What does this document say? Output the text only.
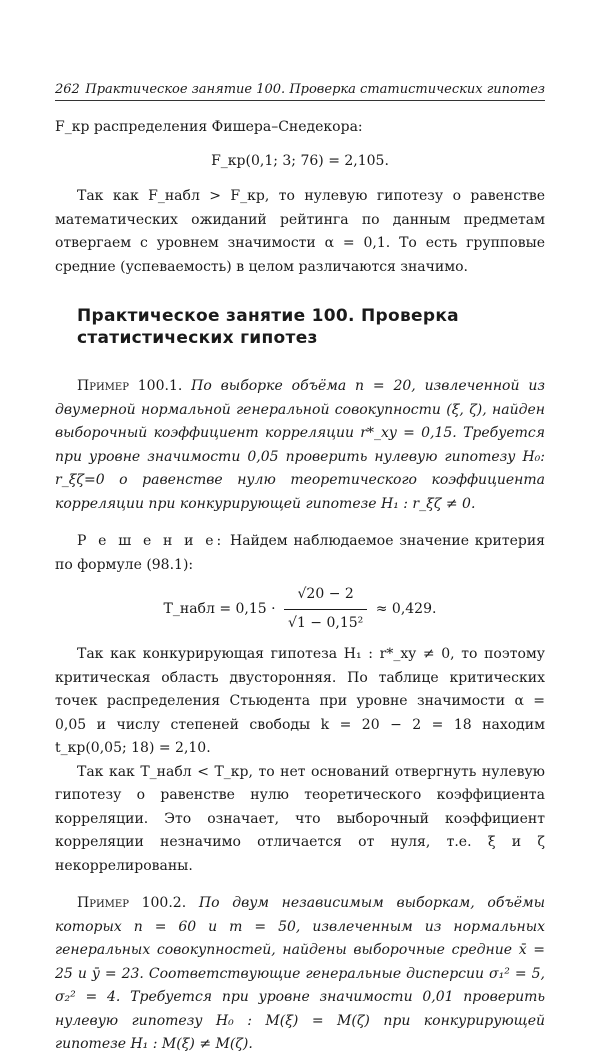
262 Практическое занятие 100. Проверка статистических гипотез

F_кр распределения Фишера–Снедекора:

F_кр(0,1; 3; 76) = 2,105.

Так как F_набл > F_кр, то нулевую гипотезу о равенстве математических ожиданий рейтинга по данным предметам отвергаем с уровнем значимости α = 0,1. То есть групповые средние (успеваемость) в целом различаются значимо.

Практическое занятие 100. Проверка
статистических гипотез

Пример 100.1. По выборке объёма n = 20, извлеченной из двумерной нормальной генеральной совокупности (ξ, ζ), найден выборочный коэффициент корреляции r*_xy = 0,15. Требуется при уровне значимости 0,05 проверить нулевую гипотезу H₀: r_ξζ=0 о равенстве нулю теоретического коэффициента корреляции при конкурирующей гипотезе H₁ : r_ξζ ≠ 0.

Р е ш е н и е: Найдем наблюдаемое значение критерия по формуле (98.1):

T_набл = $0,15 \cdot \frac{√20 - 2}{\text{√1 − 0,15²}} \approx 0,429$.

Так как конкурирующая гипотеза H₁ : r*_xy ≠ 0, то поэтому критическая область двусторонняя. По таблице критических точек распределения Стьюдента при уровне значимости α = 0,05 и числу степеней свободы k = 20 − 2 = 18 находим t_кр(0,05; 18) = 2,10.

Так как T_набл < T_кр, то нет оснований отвергнуть нулевую гипотезу о равенстве нулю теоретического коэффициента корреляции. Это означает, что выборочный коэффициент корреляции незначимо отличается от нуля, т.е. ξ и ζ некоррелированы.

Пример 100.2. По двум независимым выборкам, объёмы которых n = 60 и m = 50, извлеченным из нормальных генеральных совокупностей, найдены выборочные средние x̄ = 25 и ȳ = 23. Соответствующие генеральные дисперсии σ₁² = 5, σ₂² = 4. Требуется при уровне значимости 0,01 проверить нулевую гипотезу H₀ : M(ξ) = M(ζ) при конкурирующей гипотезе H₁ : M(ξ) ≠ M(ζ).
